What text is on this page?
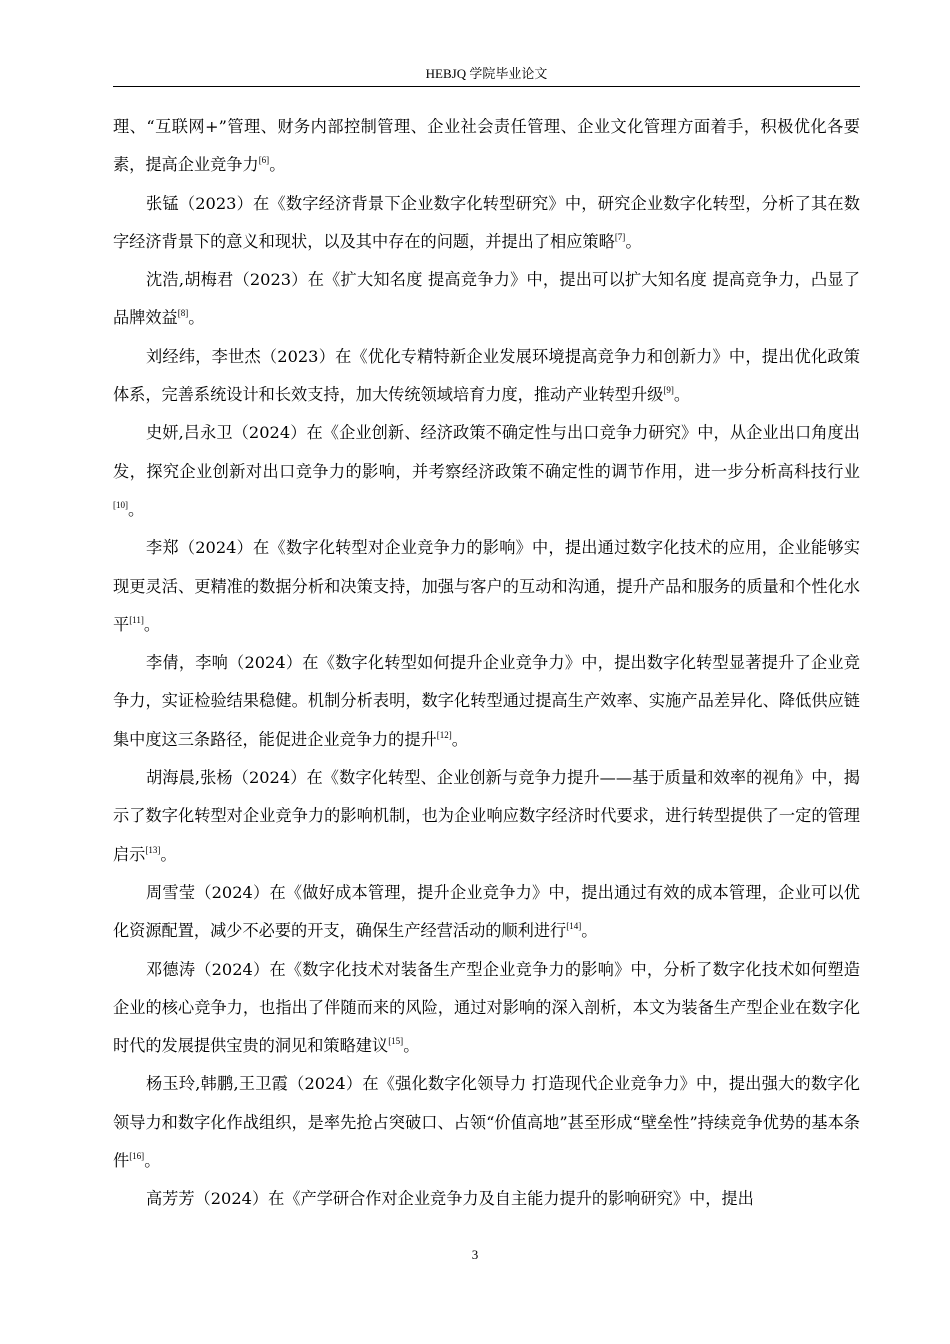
HEBJQ 学院毕业论文

理、“互联网+”管理、财务内部控制管理、企业社会责任管理、企业文化管理方面着手，积极优化各要素，提高企业竞争力[6]。

张锰（2023）在《数字经济背景下企业数字化转型研究》中，研究企业数字化转型，分析了其在数字经济背景下的意义和现状，以及其中存在的问题，并提出了相应策略[7]。

沈浩,胡梅君（2023）在《扩大知名度 提高竞争力》中，提出可以扩大知名度 提高竞争力，凸显了品牌效益[8]。

刘经纬，李世杰（2023）在《优化专精特新企业发展环境提高竞争力和创新力》中，提出优化政策体系，完善系统设计和长效支持，加大传统领域培育力度，推动产业转型升级[9]。

史妍,吕永卫（2024）在《企业创新、经济政策不确定性与出口竞争力研究》中，从企业出口角度出发，探究企业创新对出口竞争力的影响，并考察经济政策不确定性的调节作用，进一步分析高科技行业[10]。

李郑（2024）在《数字化转型对企业竞争力的影响》中，提出通过数字化技术的应用，企业能够实现更灵活、更精准的数据分析和决策支持，加强与客户的互动和沟通，提升产品和服务的质量和个性化水平[11]。

李倩，李响（2024）在《数字化转型如何提升企业竞争力》中，提出数字化转型显著提升了企业竞争力，实证检验结果稳健。机制分析表明，数字化转型通过提高生产效率、实施产品差异化、降低供应链集中度这三条路径，能促进企业竞争力的提升[12]。

胡海晨,张杨（2024）在《数字化转型、企业创新与竞争力提升——基于质量和效率的视角》中，揭示了数字化转型对企业竞争力的影响机制，也为企业响应数字经济时代要求，进行转型提供了一定的管理启示[13]。

周雪莹（2024）在《做好成本管理，提升企业竞争力》中，提出通过有效的成本管理，企业可以优化资源配置，减少不必要的开支，确保生产经营活动的顺利进行[14]。

邓德涛（2024）在《数字化技术对装备生产型企业竞争力的影响》中，分析了数字化技术如何塑造企业的核心竞争力，也指出了伴随而来的风险，通过对影响的深入剖析，本文为装备生产型企业在数字化时代的发展提供宝贵的洞见和策略建议[15]。

杨玉玲,韩鹏,王卫霞（2024）在《强化数字化领导力 打造现代企业竞争力》中，提出强大的数字化领导力和数字化作战组织，是率先抢占突破口、占领“价值高地”甚至形成“壁垒性”持续竞争优势的基本条件[16]。

高芳芳（2024）在《产学研合作对企业竞争力及自主能力提升的影响研究》中，提出

3
